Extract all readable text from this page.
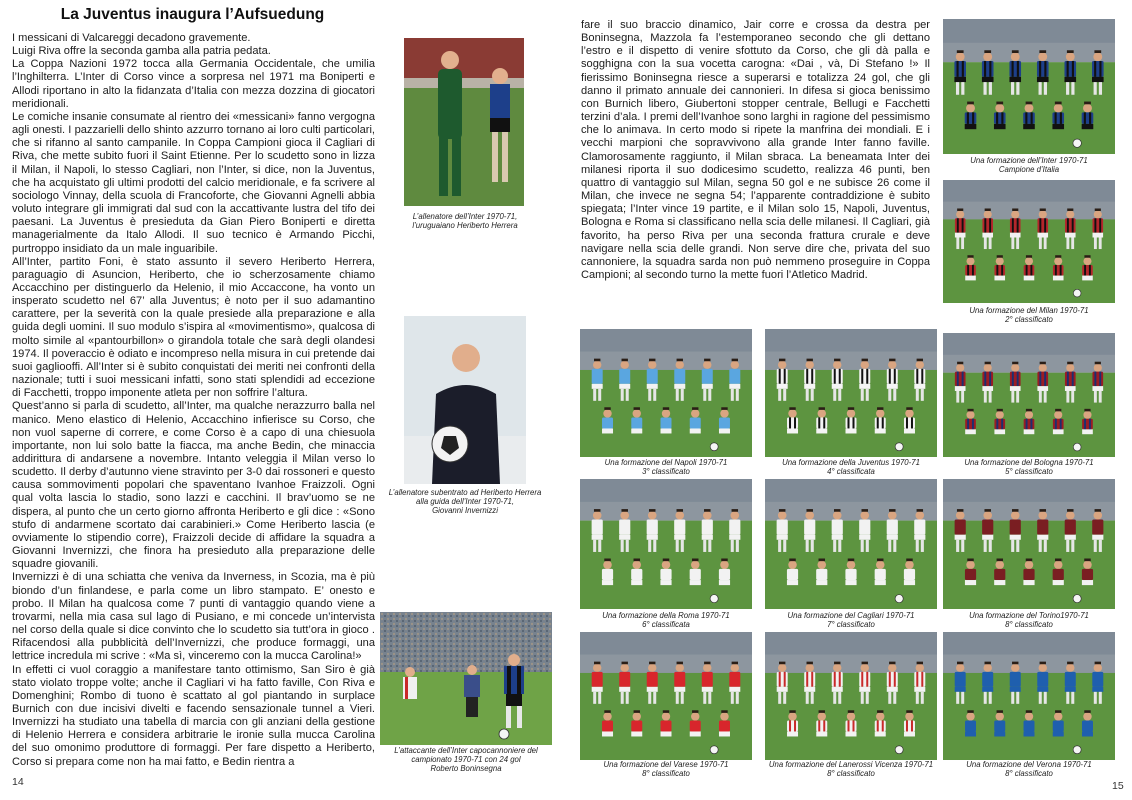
La Juventus inaugura l’Aufsuedung

I messicani di Valcareggi decadono gravemente.

Luigi Riva offre la seconda gamba alla patria pedata.

La Coppa Nazioni 1972 tocca alla Germania Occidentale, che umilia l’Inghilterra. L’Inter di Corso vince a sorpresa nel 1971 ma Boniperti e Allodi riportano in alto la fidanzata d’Italia con mezza dozzina di giocatori meridionali.

Le comiche insanie consumate al rientro dei «messicani» fanno vergogna agli onesti. I pazzarielli dello shinto azzurro tornano ai loro culti particolari, che si rifanno al santo campanile. In Coppa Campioni gioca il Cagliari di Riva, che mette subito fuori il Saint Etienne. Per lo scudetto sono in lizza il Milan, il Napoli, lo stesso Cagliari, non l’Inter, si dice, non la Juventus, che ha acquistato gli ultimi prodotti del calcio meridionale, e fa scrivere al sociologo Vinnay, della scuola di Francoforte, che Giovanni Agnelli abbia voluto integrare gli immigrati dal sud con la accattivante lustra del tifo dei paesani. La Juventus è presieduta da Gian Piero Boniperti e diretta managerialmente da Italo Allodi. Il suo tecnico è Armando Picchi, purtroppo insidiato da un male inguaribile.

All’Inter, partito Foni, è stato assunto il severo Heriberto Herrera, paraguagio di Asuncion, Heriberto, che io scherzosamente chiamo Accacchino per distinguerlo da Helenio, il mio Accaccone, ha vonto un insperato scudetto nel 67’ alla Juventus; è noto per il suo adamantino carattere, per la severità con la quale presiede alla preparazione e alla guida degli uomini. Il suo modulo s’ispira al «movimentismo», qualcosa di molto simile al «pantourbillon» o girandola totale che sarà degli olandesi 1974. Il poveraccio è odiato e incompreso nella misura in cui pretende dai suoi gagliooffi. All’Inter si è subito conquistati dei meriti nei confronti della nazionale; tutti i suoi messicani infatti, sono stati splendidi ad eccezione di Facchetti, troppo imponente atleta per non soffrire l’altura.

Quest’anno si parla di scudetto, all’Inter, ma qualche nerazzurro balla nel manico. Meno elastico di Helenio, Accacchino infierisce su Corso, che non vuol saperne di correre, e come Corso è a capo di una chiesuola importante, non lui solo batte la fiacca, ma anche Bedin, che minaccia addirittura di andarsene a novembre. Intanto veleggia il Milan verso lo scudetto. Il derby d’autunno viene stravinto per 3-0 dai rossoneri e questo causa sommovimenti popolari che spaventano Ivanhoe Fraizzoli. Ogni qual volta lascia lo stadio, sono lazzi e cacchini. Il brav’uomo se ne dispera, al punto che un certo giorno affronta Heriberto e gli dice : «Sono stufo di andarmene scortato dai carabinieri.» Come Heriberto lascia (e ovviamente lo stipendio corre), Fraizzoli decide di affidare la squadra a Giovanni Invernizzi, che finora ha presieduto alla preparazione delle squadre giovanili.

Invernizzi è di una schiatta che veniva da Inverness, in Scozia, ma è più biondo d’un finlandese, e parla come un libro stampato. E’ onesto e probo. Il Milan ha qualcosa come 7 punti di vantaggio quando viene a trovarmi, nella mia casa sul lago di Pusiano, e mi concede un’intervista nel corso della quale si dice convinto che lo scudetto sia tutt’ora in gioco . Rifacendosi alla pubblicità dell’Invernizzi, che produce formaggi, una lettrice incredula mi scrive : «Ma sì, vinceremo con la mucca Carolina!»

In effetti ci vuol coraggio a manifestare tanto ottimismo, San Siro è già stato violato troppe volte; anche il Cagliari vi ha fatto faville, Con Riva e Domenghini; Rombo di tuono è scattato al gol piantando in surplace Burnich con due incisivi divelti e facendo sensazionale tunnel a Vieri. Invernizzi ha studiato una tabella di marcia con gli anziani della gestione di Helenio Herrera e considera arbitrarie le ironie sulla mucca Carolina del suo omonimo produttore di formaggi. Per fare dispetto a Heriberto, Corso si prepara come non ha mai fatto, e Bedin rientra a

fare il suo braccio dinamico, Jair corre e crossa da destra per Boninsegna, Mazzola fa l’estemporaneo secondo che gli dettano l’estro e il dispetto di venire sfottuto da Corso, che gli dà palla e sogghigna con la sua vocetta carogna: «Dai , và, Di Stefano !» Il fierissimo Boninsegna riesce a superarsi e totalizza 24 gol, che gli danno il primato annuale dei cannonieri. In difesa si gioca benissimo con Burnich libero, Giubertoni stopper centrale, Bellugi e Facchetti terzini d’ala. I premi dell’Ivanhoe sono larghi in ragione del pessimismo che lo animava. In certo modo si ripete la manfrina dei mondiali. E i vecchi marpioni che sopravvivono alla grande Inter fanno faville. Clamorosamente raggiunto, il Milan sbraca. La beneamata Inter dei milanesi riporta il suo dodicesimo scudetto, realizza 46 punti, ben quattro di vantaggio sul Milan, segna 50 gol e ne subisce 26 come il Milan, che invece ne segna 54; l’apparente contraddizione è subito spiegata; l’Inter vince 19 partite, e il Milan solo 15, Napoli, Juventus, Bologna e Roma si classificano nella scia delle milanesi. Il Cagliari, già favorito, ha perso Riva per una seconda frattura crurale e deve navigare nella scia delle grandi. Non serve dire che, privata del suo cannoniere, la squadra sarda non può nemmeno proseguire in Coppa Campioni; al secondo turno la mette fuori l’Atletico Madrid.

14	15
L’allenatore dell’Inter 1970-71,
l’uruguaiano Heriberto Herrera
L’allenatore subentrato ad Heriberto Herrera
alla guida dell’Inter 1970-71,
Giovanni Invernizzi
L’attaccante dell’Inter capocannoniere del
campionato 1970-71 con 24 gol
Roberto Boninsegna
Una formazione dell’Inter 1970-71
Campione d’Italia
Una formazione del Milan 1970-71
2° classificato
Una formazione del Napoli 1970-71
3° classificato
Una formazione della Juventus 1970-71
4° classificata
Una formazione del Bologna 1970-71
5° classificato
Una formazione della Roma 1970-71
6° classificata
Una formazione del Cagliari 1970-71
7° classificato
Una formazione del Torino1970-71
8° classificato
Una formazione del Varese 1970-71
8° classificato
Una formazione del Lanerossi Vicenza 1970-71
8° classificato
Una formazione del Verona 1970-71
8° classificato
